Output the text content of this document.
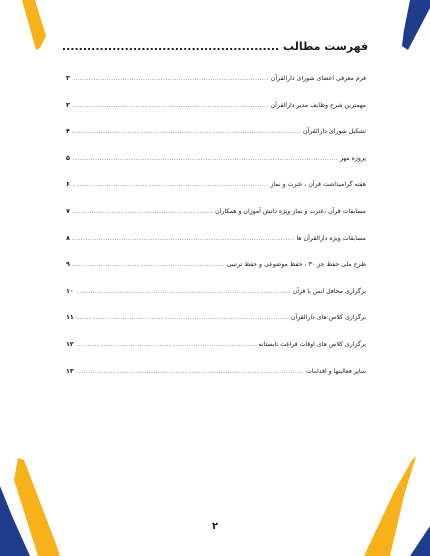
فهرست مطالب ....................................................
فرم معرفی اعضای شورای دارالقرآن
.....
۳
مهمترین شرح وظایف مدیر دارالقرآن
.....
۳
تشکیل شورای دارالقرآن
.....
۴
پروژه مهر
.....
۵
هفته گرامیداشت قرآن ، عترت و نماز
.....
۶
مسابقات قرآن ،عترت و نماز ویژه دانش آموزان و همکاران
.....
۷
مسابقات ویژه دارالقرآن ها
.....
۸
طرح ملی حفظ جز ۳۰ ، حفظ موضوعی و حفظ ترتیبی
.....
۹
برگزاری محافل انس با قرآن
.....
۱۰
برگزاری کلاس های دارالقرآن
.....
۱۱
برگزاری کلاس های اوقات فراغت تابستانه
.....
۱۲
سایر فعالیتها و اقدامات
.....
۱۳
۲
